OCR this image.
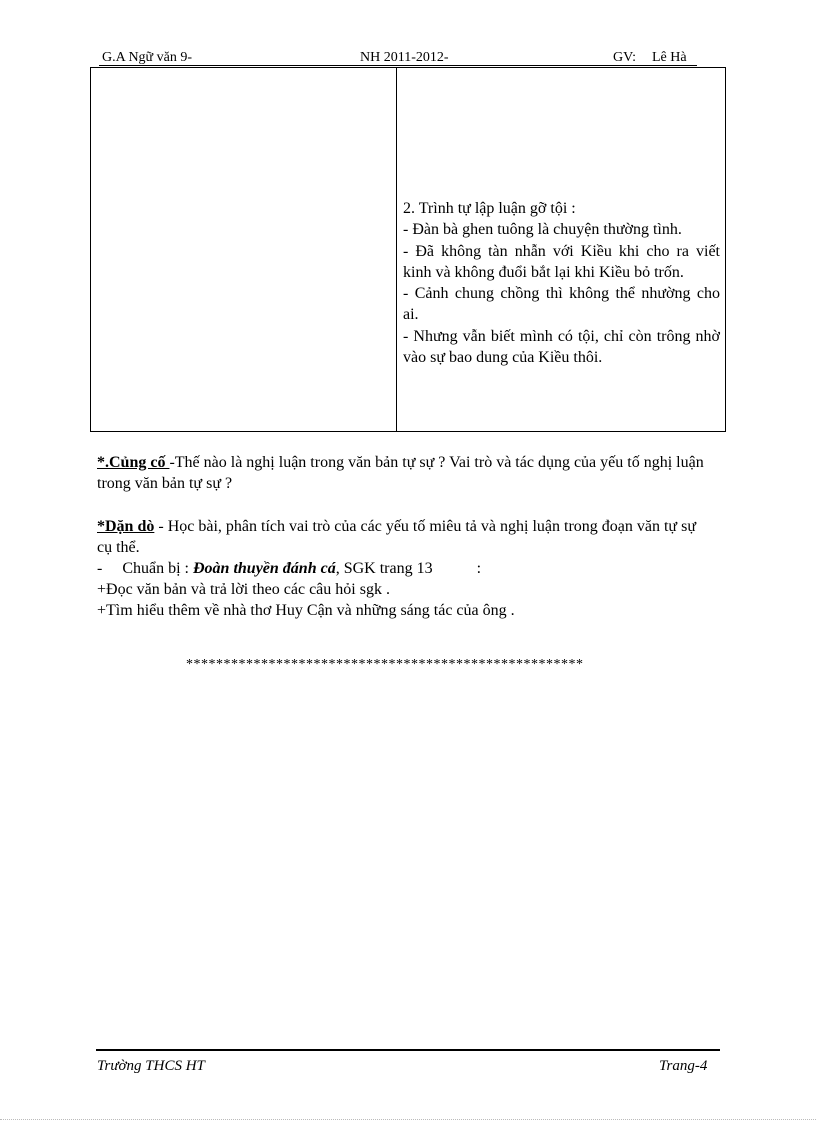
G.A Ngữ văn 9-	NH 2011-2012-	GV: Lê Hà

2. Trình tự lập luận gỡ tội :

- Đàn bà ghen tuông là chuyện thường tình.

- Đã không tàn nhẫn với Kiều khi cho ra viết kinh và không đuổi bắt lại khi Kiều bỏ trốn.

- Cảnh chung chồng thì không thể nhường cho ai.

- Nhưng vẫn biết mình có tội, chỉ còn trông nhờ vào sự bao dung của Kiều thôi.

*.Củng cố -Thế nào là nghị luận trong văn bản tự sự ? Vai trò và tác dụng của yếu tố nghị luận trong văn bản tự sự ?

*Dặn dò - Học bài, phân tích vai trò của các yếu tố miêu tả và nghị luận trong đoạn văn tự sự cụ thể.

-     Chuẩn bị : Đoàn thuyền đánh cá, SGK trang 13           :

+Đọc văn bản và trả lời theo các câu hỏi sgk .

+Tìm hiểu thêm về nhà thơ Huy Cận và những sáng tác của ông .

*****************************************************
Trường THCS HT	Trang-4
